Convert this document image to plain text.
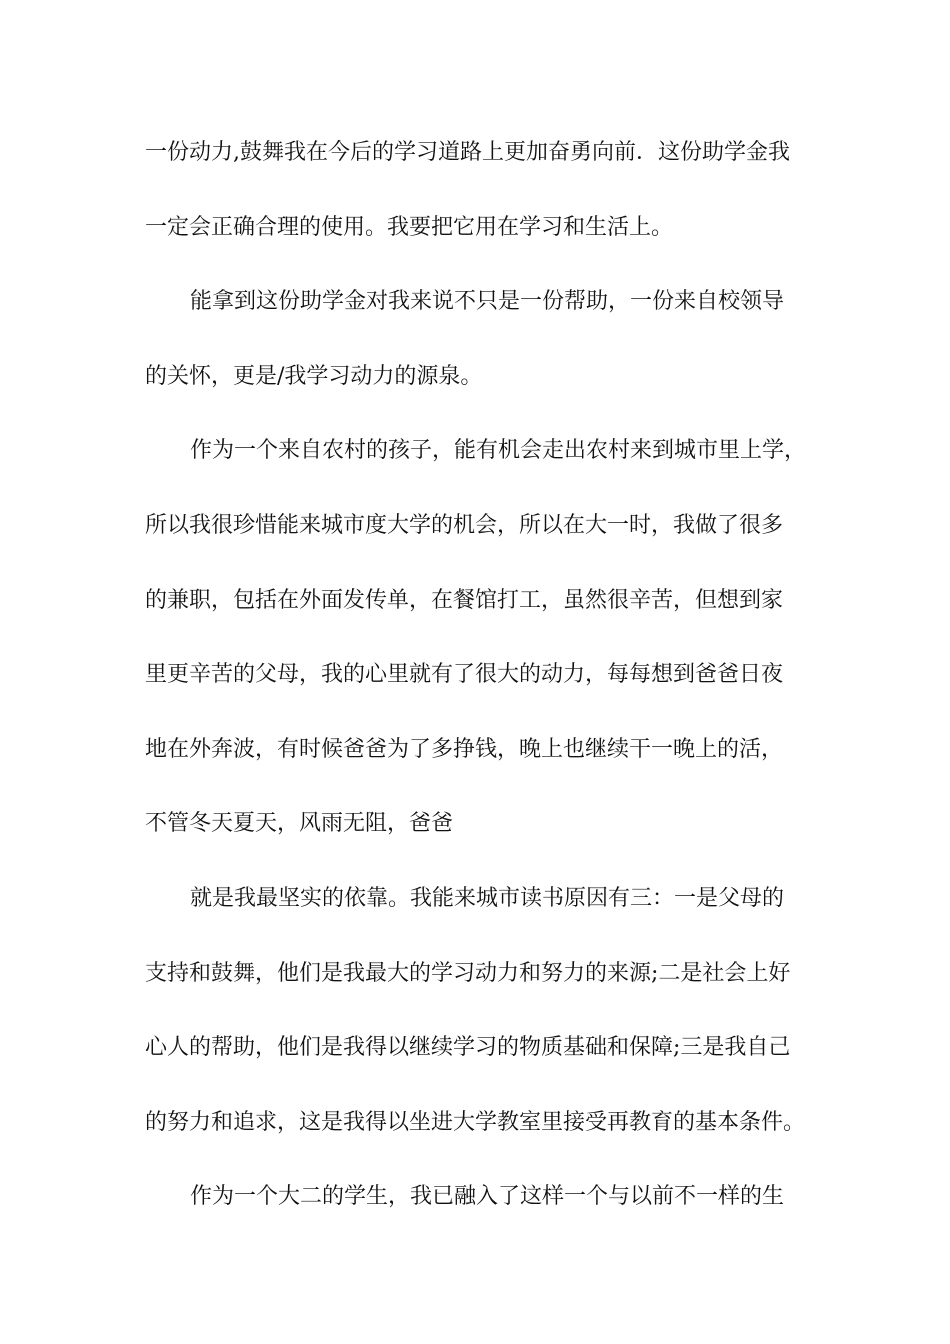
一份动力,鼓舞我在今后的学习道路上更加奋勇向前．这份助学金我
一定会正确合理的使用。我要把它用在学习和生活上。
能拿到这份助学金对我来说不只是一份帮助，一份来自校领导
的关怀，更是/我学习动力的源泉。
作为一个来自农村的孩子，能有机会走出农村来到城市里上学，
所以我很珍惜能来城市度大学的机会，所以在大一时，我做了很多
的兼职，包括在外面发传单，在餐馆打工，虽然很辛苦，但想到家
里更辛苦的父母，我的心里就有了很大的动力，每每想到爸爸日夜
地在外奔波，有时候爸爸为了多挣钱，晚上也继续干一晚上的活，
不管冬天夏天，风雨无阻，爸爸
就是我最坚实的依靠。我能来城市读书原因有三：一是父母的
支持和鼓舞，他们是我最大的学习动力和努力的来源;二是社会上好
心人的帮助，他们是我得以继续学习的物质基础和保障;三是我自己
的努力和追求，这是我得以坐进大学教室里接受再教育的基本条件。
作为一个大二的学生，我已融入了这样一个与以前不一样的生
